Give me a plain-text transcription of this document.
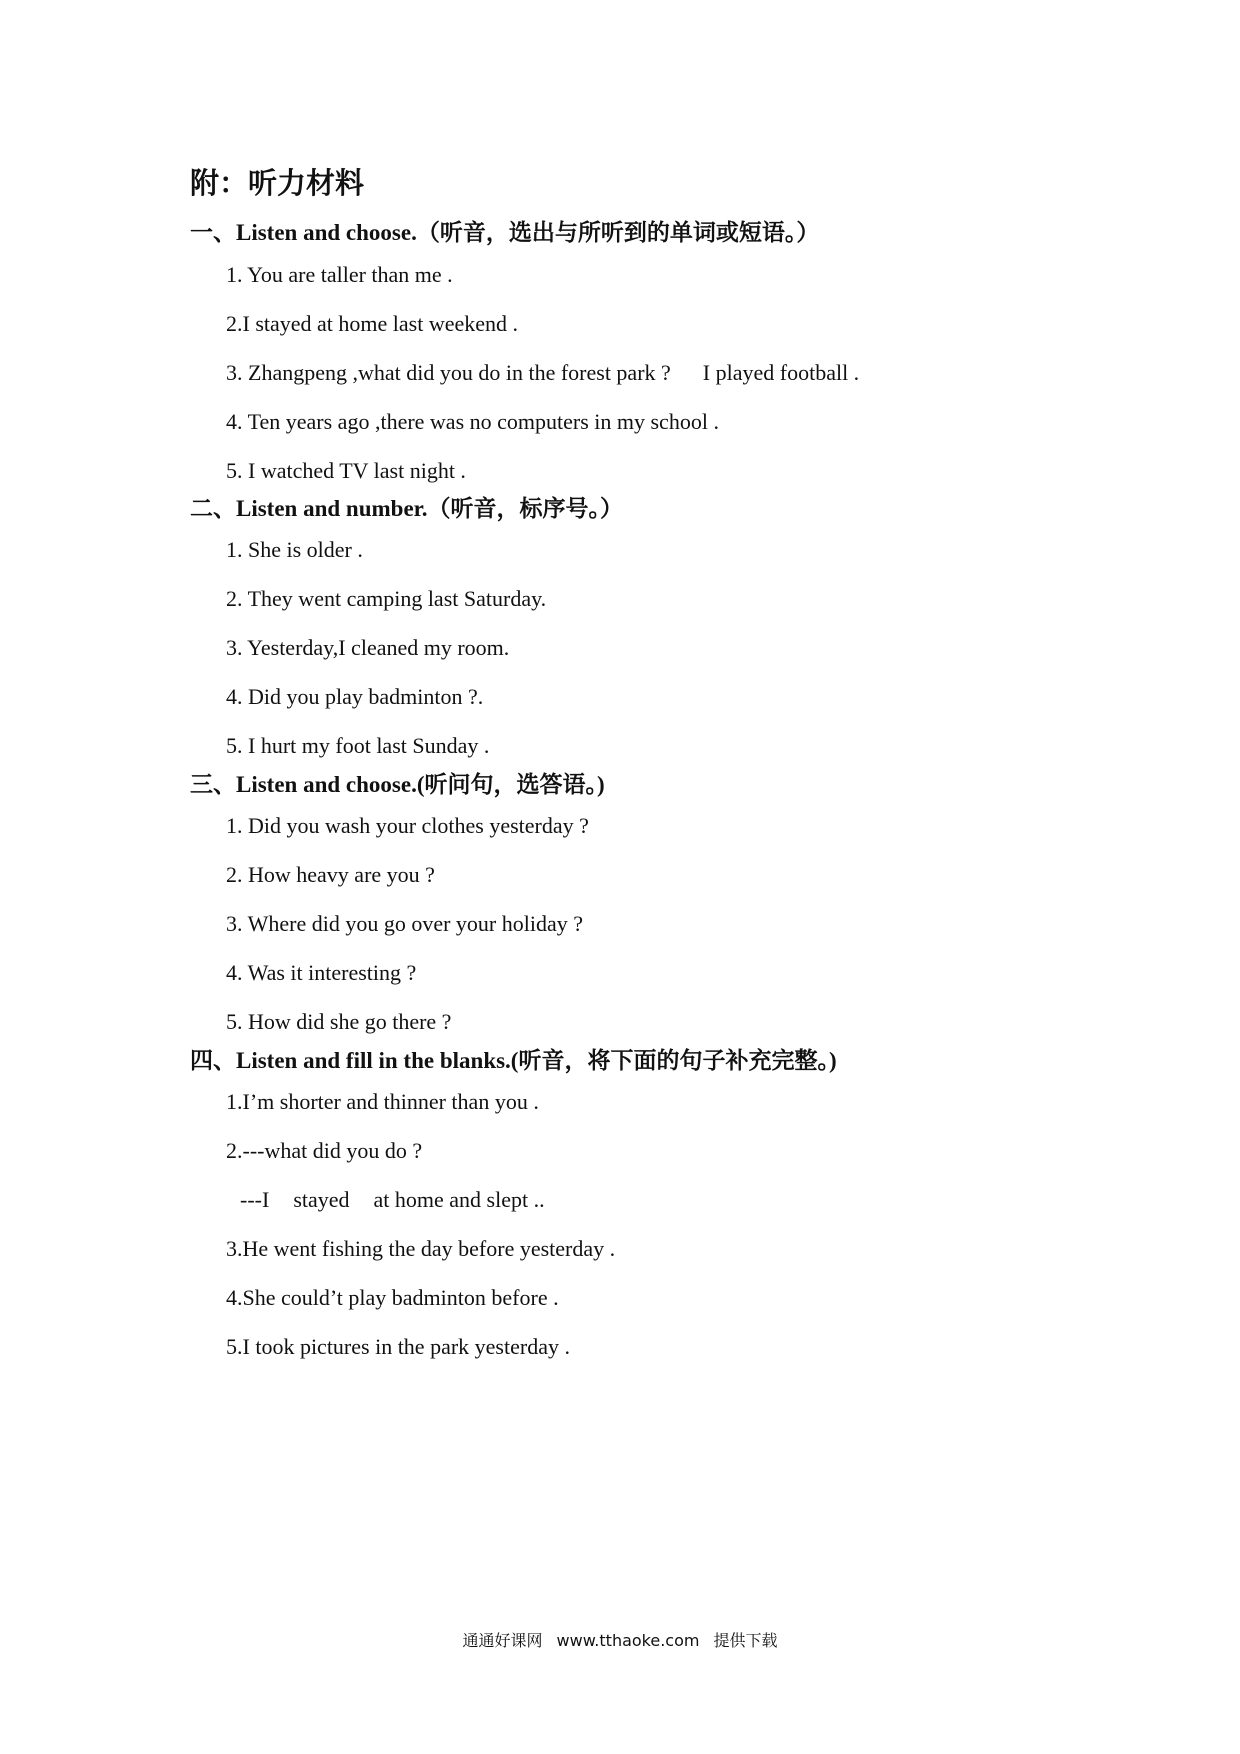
附：听力材料
一、Listen and choose.（听音，选出与所听到的单词或短语。）
1. You are taller than me .
2.I stayed at home last weekend .
3. Zhangpeng ,what did you do in the forest park ? I played football .
4. Ten years ago ,there was no computers in my school .
5. I watched TV last night .
二、Listen and number.（听音，标序号。）
1. She is older .
2. They went camping last Saturday.
3. Yesterday,I cleaned my room.
4. Did you play badminton ?.
5. I hurt my foot last Sunday .
三、Listen and choose.(听问句，选答语。)
1. Did you wash your clothes yesterday ?
2. How heavy are you ?
3. Where did you go over your holiday ?
4. Was it interesting ?
5. How did she go there ?
四、Listen and fill in the blanks.(听音，将下面的句子补充完整。)
1.I’m shorter and thinner than you .
2.---what did you do ?
---I stayed at home and slept ..
3.He went fishing the day before yesterday .
4.She could’t play badminton before .
5.I took pictures in the park yesterday .
通通好课网 www.tthaoke.com 提供下载
